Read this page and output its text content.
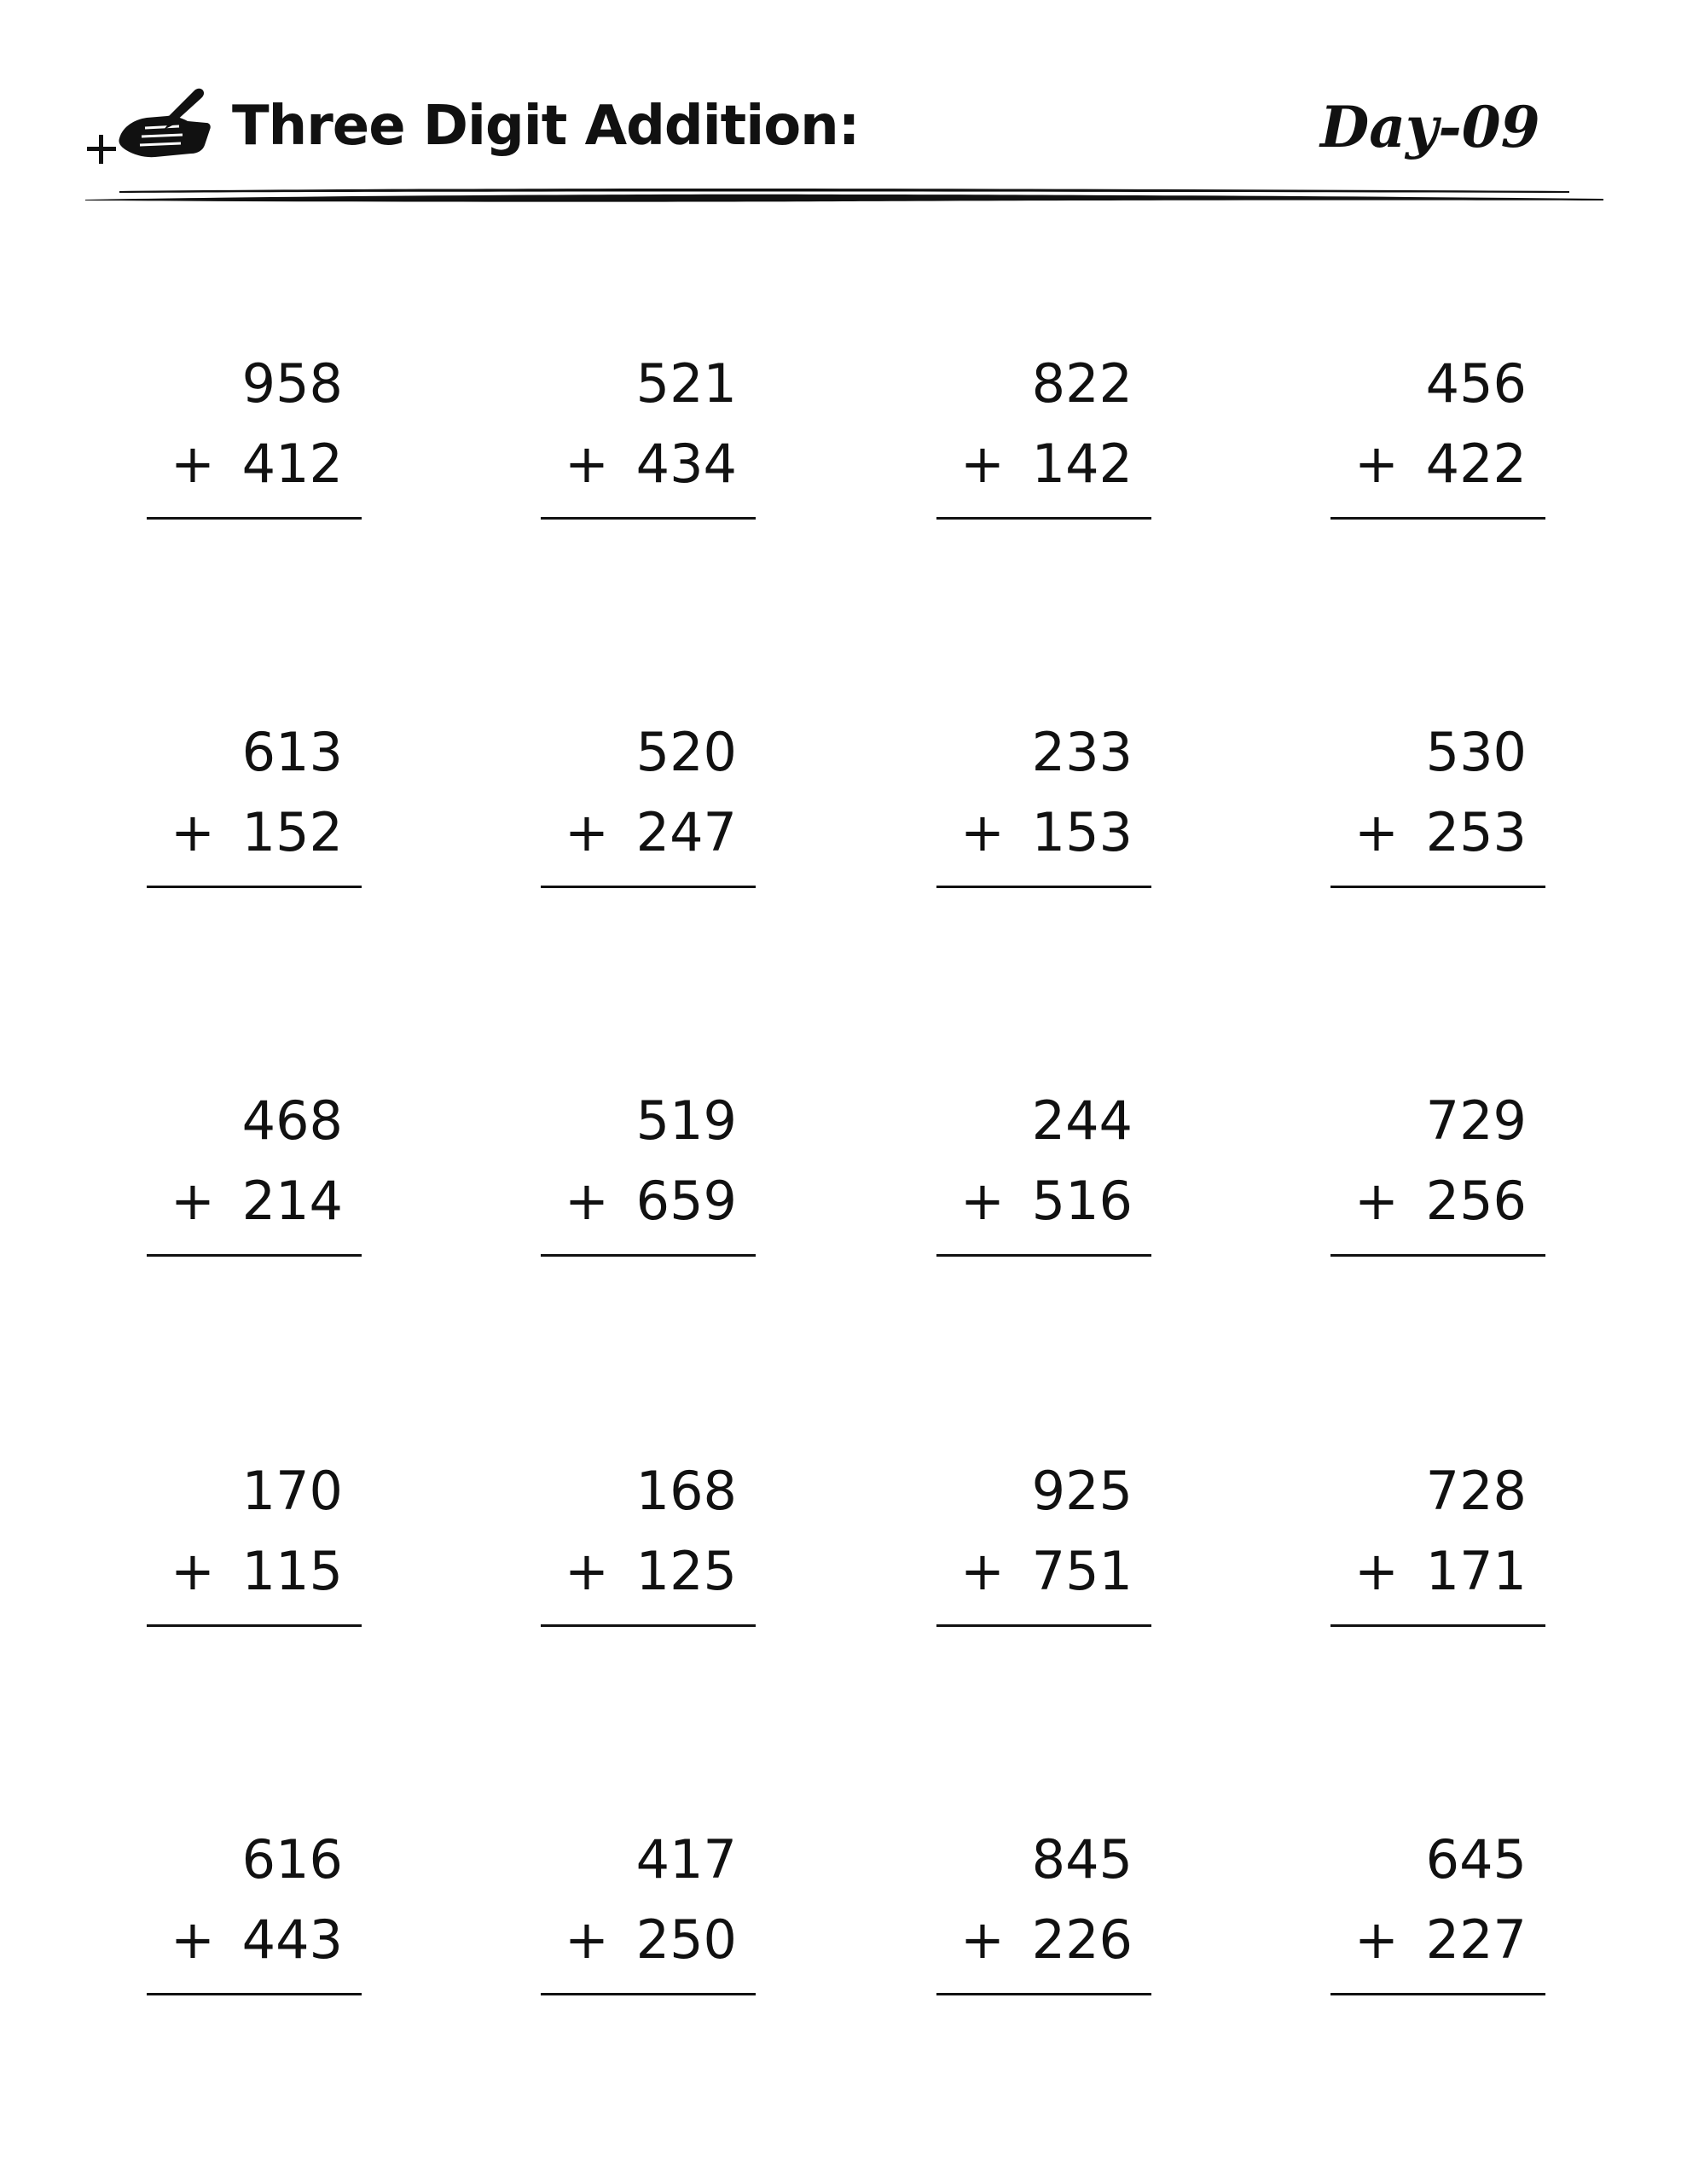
Three Digit Addition:	Day-09
958
+ 412
521
+ 434
822
+ 142
456
+ 422
613
+ 152
520
+ 247
233
+ 153
530
+ 253
468
+ 214
519
+ 659
244
+ 516
729
+ 256
170
+ 115
168
+ 125
925
+ 751
728
+ 171
616
+ 443
417
+ 250
845
+ 226
645
+ 227
